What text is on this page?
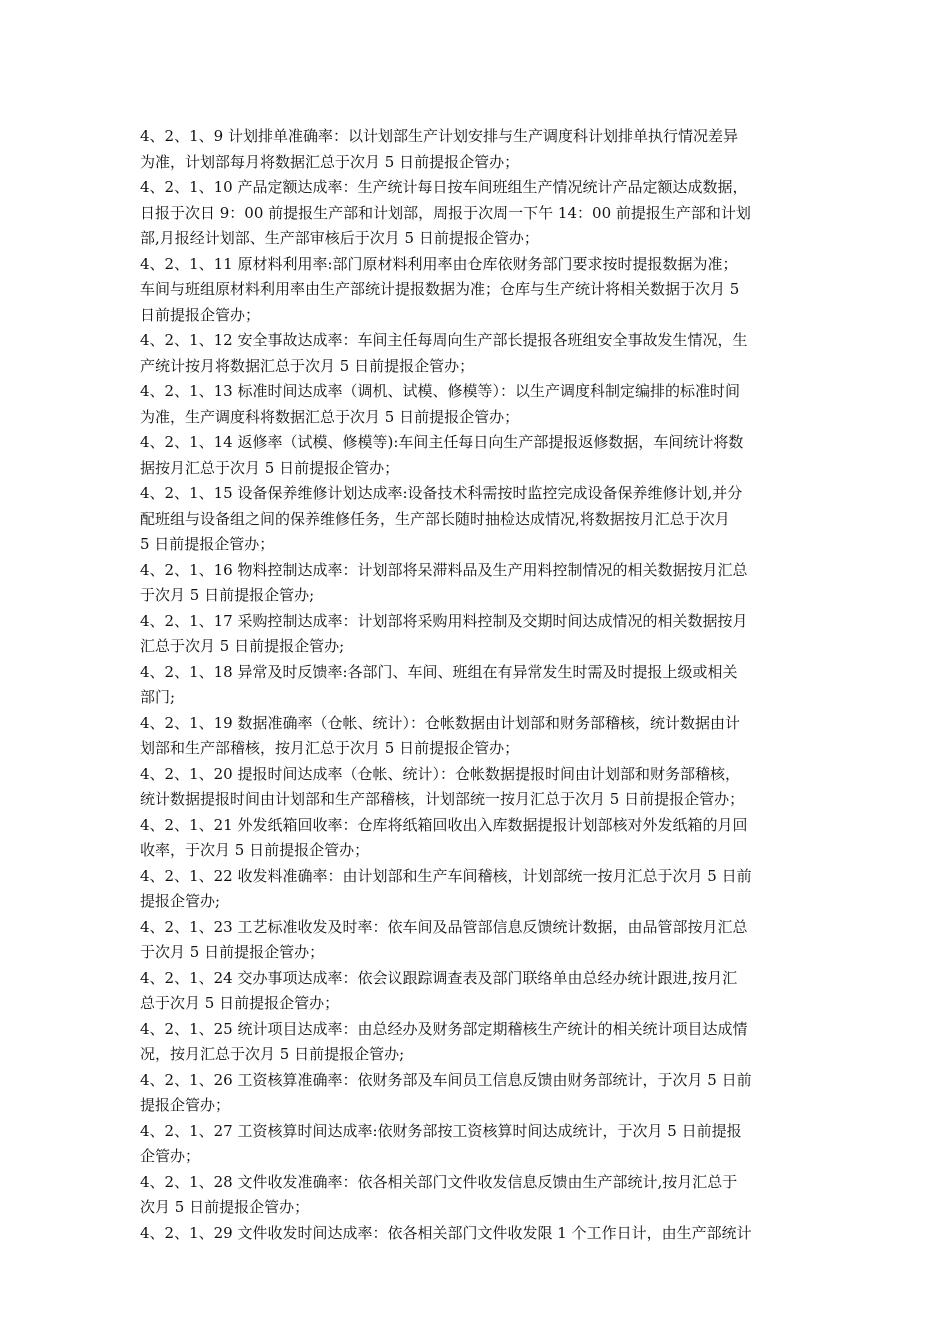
4、2、1、9 计划排单准确率：以计划部生产计划安排与生产调度科计划排单执行情况差异
为准，计划部每月将数据汇总于次月 5 日前提报企管办；
4、2、1、10 产品定额达成率：生产统计每日按车间班组生产情况统计产品定额达成数据，
日报于次日 9：00 前提报生产部和计划部，周报于次周一下午 14：00 前提报生产部和计划
部,月报经计划部、生产部审核后于次月 5 日前提报企管办；
4、2、1、11 原材料利用率:部门原材料利用率由仓库依财务部门要求按时提报数据为准；
车间与班组原材料利用率由生产部统计提报数据为准；仓库与生产统计将相关数据于次月 5
日前提报企管办；
4、2、1、12 安全事故达成率：车间主任每周向生产部长提报各班组安全事故发生情况，生
产统计按月将数据汇总于次月 5 日前提报企管办；
4、2、1、13 标准时间达成率（调机、试模、修模等）：以生产调度科制定编排的标准时间
为准，生产调度科将数据汇总于次月 5 日前提报企管办；
4、2、1、14 返修率（试模、修模等):车间主任每日向生产部提报返修数据，车间统计将数
据按月汇总于次月 5 日前提报企管办；
4、2、1、15 设备保养维修计划达成率:设备技术科需按时监控完成设备保养维修计划,并分
配班组与设备组之间的保养维修任务，生产部长随时抽检达成情况,将数据按月汇总于次月
5 日前提报企管办；
4、2、1、16 物料控制达成率：计划部将呆滞料品及生产用料控制情况的相关数据按月汇总
于次月 5 日前提报企管办;
4、2、1、17 采购控制达成率：计划部将采购用料控制及交期时间达成情况的相关数据按月
汇总于次月 5 日前提报企管办;
4、2、1、18 异常及时反馈率:各部门、车间、班组在有异常发生时需及时提报上级或相关
部门;
4、2、1、19 数据准确率（仓帐、统计）：仓帐数据由计划部和财务部稽核，统计数据由计
划部和生产部稽核，按月汇总于次月 5 日前提报企管办；
4、2、1、20 提报时间达成率（仓帐、统计）：仓帐数据提报时间由计划部和财务部稽核，
统计数据提报时间由计划部和生产部稽核，计划部统一按月汇总于次月 5 日前提报企管办；
4、2、1、21 外发纸箱回收率：仓库将纸箱回收出入库数据提报计划部核对外发纸箱的月回
收率，于次月 5 日前提报企管办；
4、2、1、22 收发料准确率：由计划部和生产车间稽核，计划部统一按月汇总于次月 5 日前
提报企管办;
4、2、1、23 工艺标准收发及时率：依车间及品管部信息反馈统计数据，由品管部按月汇总
于次月 5 日前提报企管办；
4、2、1、24 交办事项达成率：依会议跟踪调查表及部门联络单由总经办统计跟进,按月汇
总于次月 5 日前提报企管办；
4、2、1、25 统计项目达成率：由总经办及财务部定期稽核生产统计的相关统计项目达成情
况，按月汇总于次月 5 日前提报企管办;
4、2、1、26 工资核算准确率：依财务部及车间员工信息反馈由财务部统计，于次月 5 日前
提报企管办；
4、2、1、27 工资核算时间达成率:依财务部按工资核算时间达成统计，于次月 5 日前提报
企管办；
4、2、1、28 文件收发准确率：依各相关部门文件收发信息反馈由生产部统计,按月汇总于
次月 5 日前提报企管办；
4、2、1、29 文件收发时间达成率：依各相关部门文件收发限 1 个工作日计，由生产部统计
